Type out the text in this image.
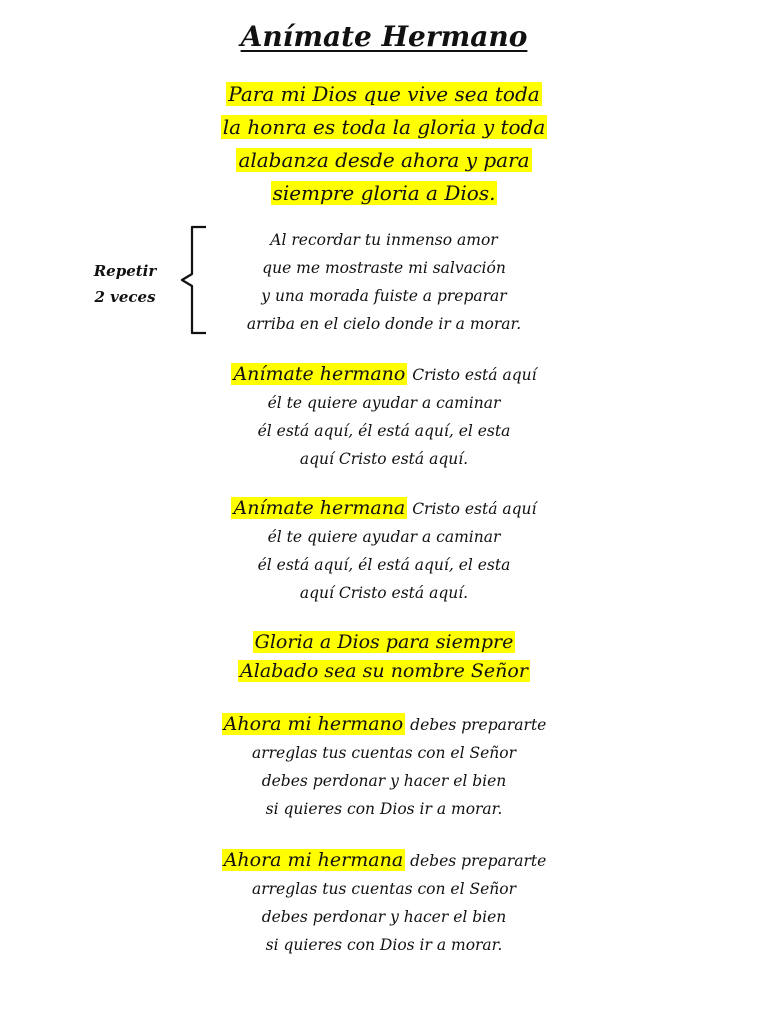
Anímate Hermano
Para mi Dios que vive sea toda
la honra es toda la gloria y toda
alabanza desde ahora y para
siempre gloria a Dios.
Repetir
2 veces
Al recordar tu inmenso amor
que me mostraste mi salvación
y una morada fuiste a preparar
arriba en el cielo donde ir a morar.
Anímate hermano Cristo está aquí
él te quiere ayudar a caminar
él está aquí, él está aquí, el esta
aquí Cristo está aquí.
Anímate hermana Cristo está aquí
él te quiere ayudar a caminar
él está aquí, él está aquí, el esta
aquí Cristo está aquí.
Gloria a Dios para siempre
Alabado sea su nombre Señor
Ahora mi hermano debes prepararte
arreglas tus cuentas con el Señor
debes perdonar y hacer el bien
si quieres con Dios ir a morar.
Ahora mi hermana debes prepararte
arreglas tus cuentas con el Señor
debes perdonar y hacer el bien
si quieres con Dios ir a morar.
